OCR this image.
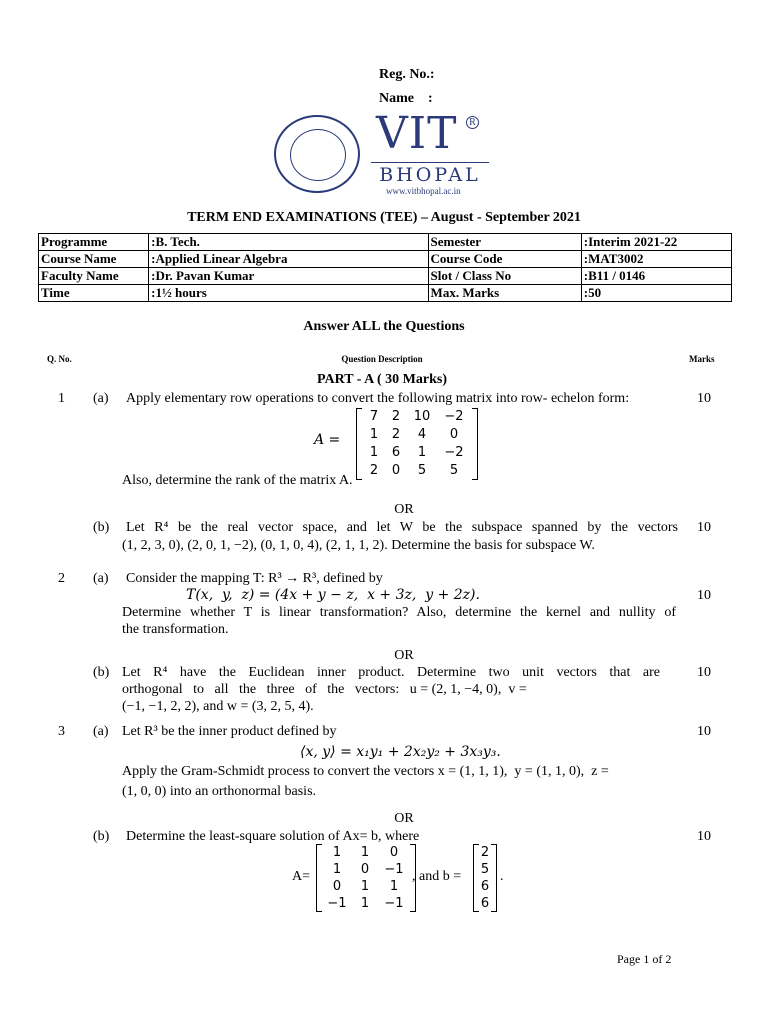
Reg. No.:
Name    :
VIT	R
BHOPAL
www.vitbhopal.ac.in
TERM END EXAMINATIONS (TEE) – August - September 2021
Programme	:B. Tech.	Semester	:Interim 2021-22
Course Name	:Applied Linear Algebra	Course Code	:MAT3002
Faculty Name	:Dr. Pavan Kumar	Slot / Class No	:B11 / 0146
Time	:1½ hours	Max. Marks	:50
Answer ALL the Questions
Q. No.	Question Description	Marks
PART - A ( 30 Marks)
1 (a) Apply elementary row operations to convert the following matrix into row- echelon form:	10
A =
7	2	10	−2
1	2	4	0
1	6	1	−2
2	0	5	5
Also, determine the rank of the matrix A.
OR
(b) Let R⁴ be the real vector space, and let W be the subspace spanned by the vectors 10
(1, 2, 3, 0), (2, 0, 1, −2), (0, 1, 0, 4), (2, 1, 1, 2). Determine the basis for subspace W.
2 (a) Consider the mapping T: R³ → R³, defined by
T(x,  y,  z) = (4x + y − z,  x + 3z,  y + 2z).	10
Determine whether T is linear transformation? Also, determine the kernel and nullity of
the transformation.
OR
(b) Let R⁴ have the Euclidean inner product. Determine two unit vectors that are	10
orthogonal   to   all   the   three   of   the   vectors:   u = (2, 1, −4, 0),  v =
(−1, −1, 2, 2), and w = (3, 2, 5, 4).
3 (a) Let R³ be the inner product defined by	10
⟨x, y⟩ = x₁y₁ + 2x₂y₂ + 3x₃y₃.
Apply the Gram-Schmidt process to convert the vectors x = (1, 1, 1),  y = (1, 1, 0),  z =
(1, 0, 0) into an orthonormal basis.
OR
(b) Determine the least-square solution of Ax= b, where	10
A=
1	1	0
1	0	−1
0	1	1
−1	1	−1
, and b =
2
5
6
6
.
Page 1 of 2
